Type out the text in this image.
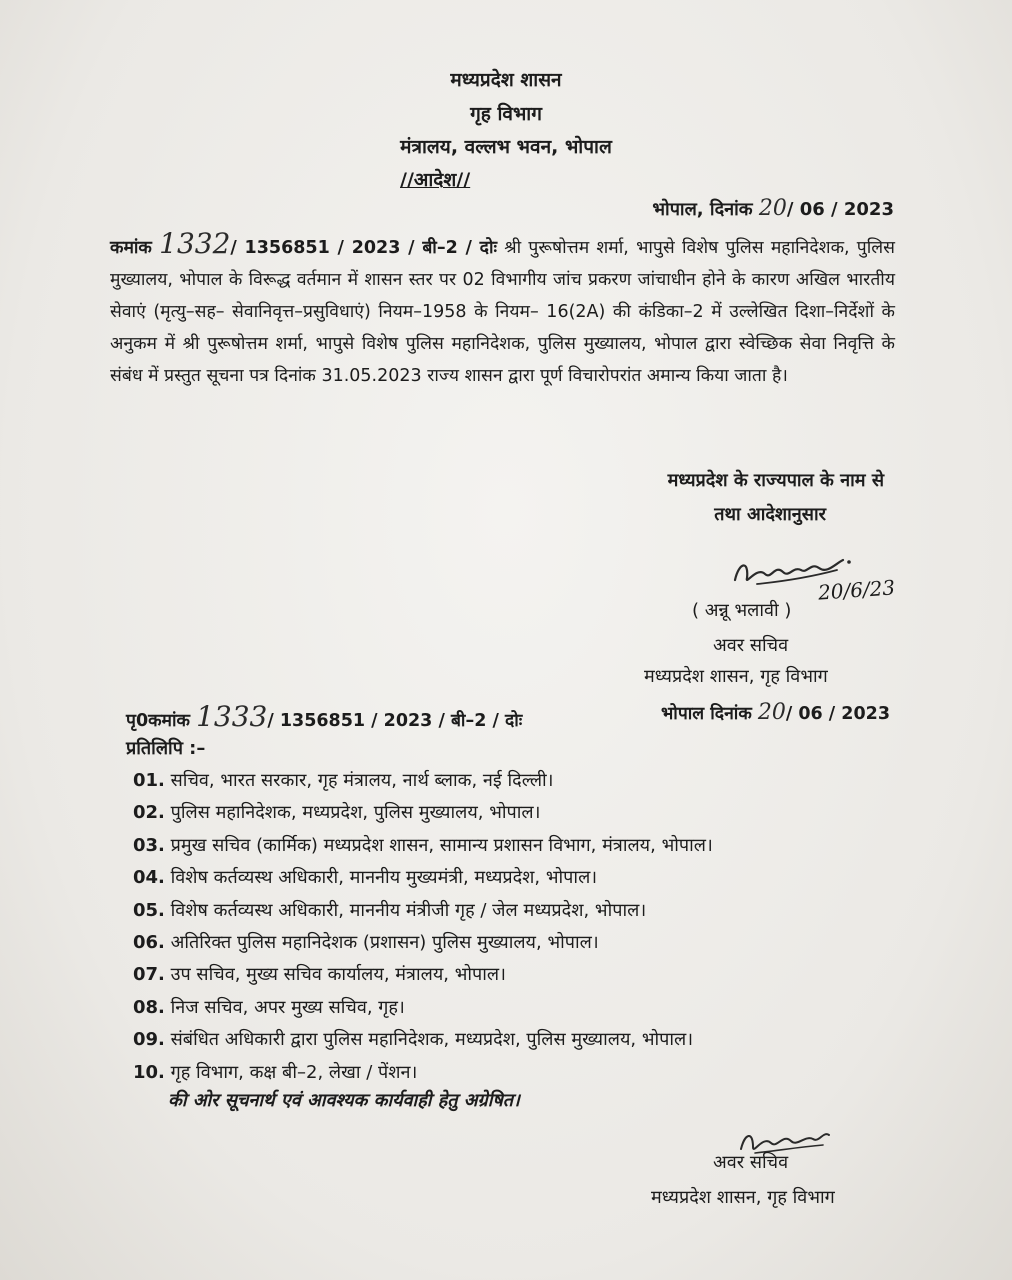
मध्यप्रदेश शासन
गृह विभाग
मंत्रालय, वल्लभ भवन, भोपाल
//आदेश//
भोपाल, दिनांक 20/ 06 / 2023
कमांक 1332/ 1356851 / 2023 / बी–2 / दोः श्री पुरूषोत्तम शर्मा, भापुसे विशेष पुलिस महानिदेशक, पुलिस मुख्यालय, भोपाल के विरूद्ध वर्तमान में शासन स्तर पर 02 विभागीय जांच प्रकरण जांचाधीन होने के कारण अखिल भारतीय सेवाएं (मृत्यु–सह– सेवानिवृत्त–प्रसुविधाएं) नियम–1958 के नियम– 16(2A) की कंडिका–2 में उल्लेखित दिशा–निर्देशों के अनुकम में श्री पुरूषोत्तम शर्मा, भापुसे विशेष पुलिस महानिदेशक, पुलिस मुख्यालय, भोपाल द्वारा स्वेच्छिक सेवा निवृत्ति के संबंध में प्रस्तुत सूचना पत्र दिनांक 31.05.2023 राज्य शासन द्वारा पूर्ण विचारोपरांत अमान्य किया जाता है।
मध्यप्रदेश के राज्यपाल के नाम से
तथा आदेशानुसार
20/6/23
( अन्नू भलावी )
अवर सचिव
मध्यप्रदेश शासन, गृह विभाग
पृ0कमांक 1333/ 1356851 / 2023 / बी–2 / दोः	भोपाल दिनांक 20/ 06 / 2023
प्रतिलिपि :–
01. सचिव, भारत सरकार, गृह मंत्रालय, नार्थ ब्लाक, नई दिल्ली।
02. पुलिस महानिदेशक, मध्यप्रदेश, पुलिस मुख्यालय, भोपाल।
03. प्रमुख सचिव (कार्मिक) मध्यप्रदेश शासन, सामान्य प्रशासन विभाग, मंत्रालय, भोपाल।
04. विशेष कर्तव्यस्थ अधिकारी, माननीय मुख्यमंत्री, मध्यप्रदेश, भोपाल।
05. विशेष कर्तव्यस्थ अधिकारी, माननीय मंत्रीजी गृह / जेल मध्यप्रदेश, भोपाल।
06. अतिरिक्त पुलिस महानिदेशक (प्रशासन) पुलिस मुख्यालय, भोपाल।
07. उप सचिव, मुख्य सचिव कार्यालय, मंत्रालय, भोपाल।
08. निज सचिव, अपर मुख्य सचिव, गृह।
09. संबंधित अधिकारी द्वारा पुलिस महानिदेशक, मध्यप्रदेश, पुलिस मुख्यालय, भोपाल।
10. गृह विभाग, कक्ष बी–2, लेखा / पेंशन।
की ओर सूचनार्थ एवं आवश्यक कार्यवाही हेतु अग्रेषित।
अवर सचिव
मध्यप्रदेश शासन, गृह विभाग
